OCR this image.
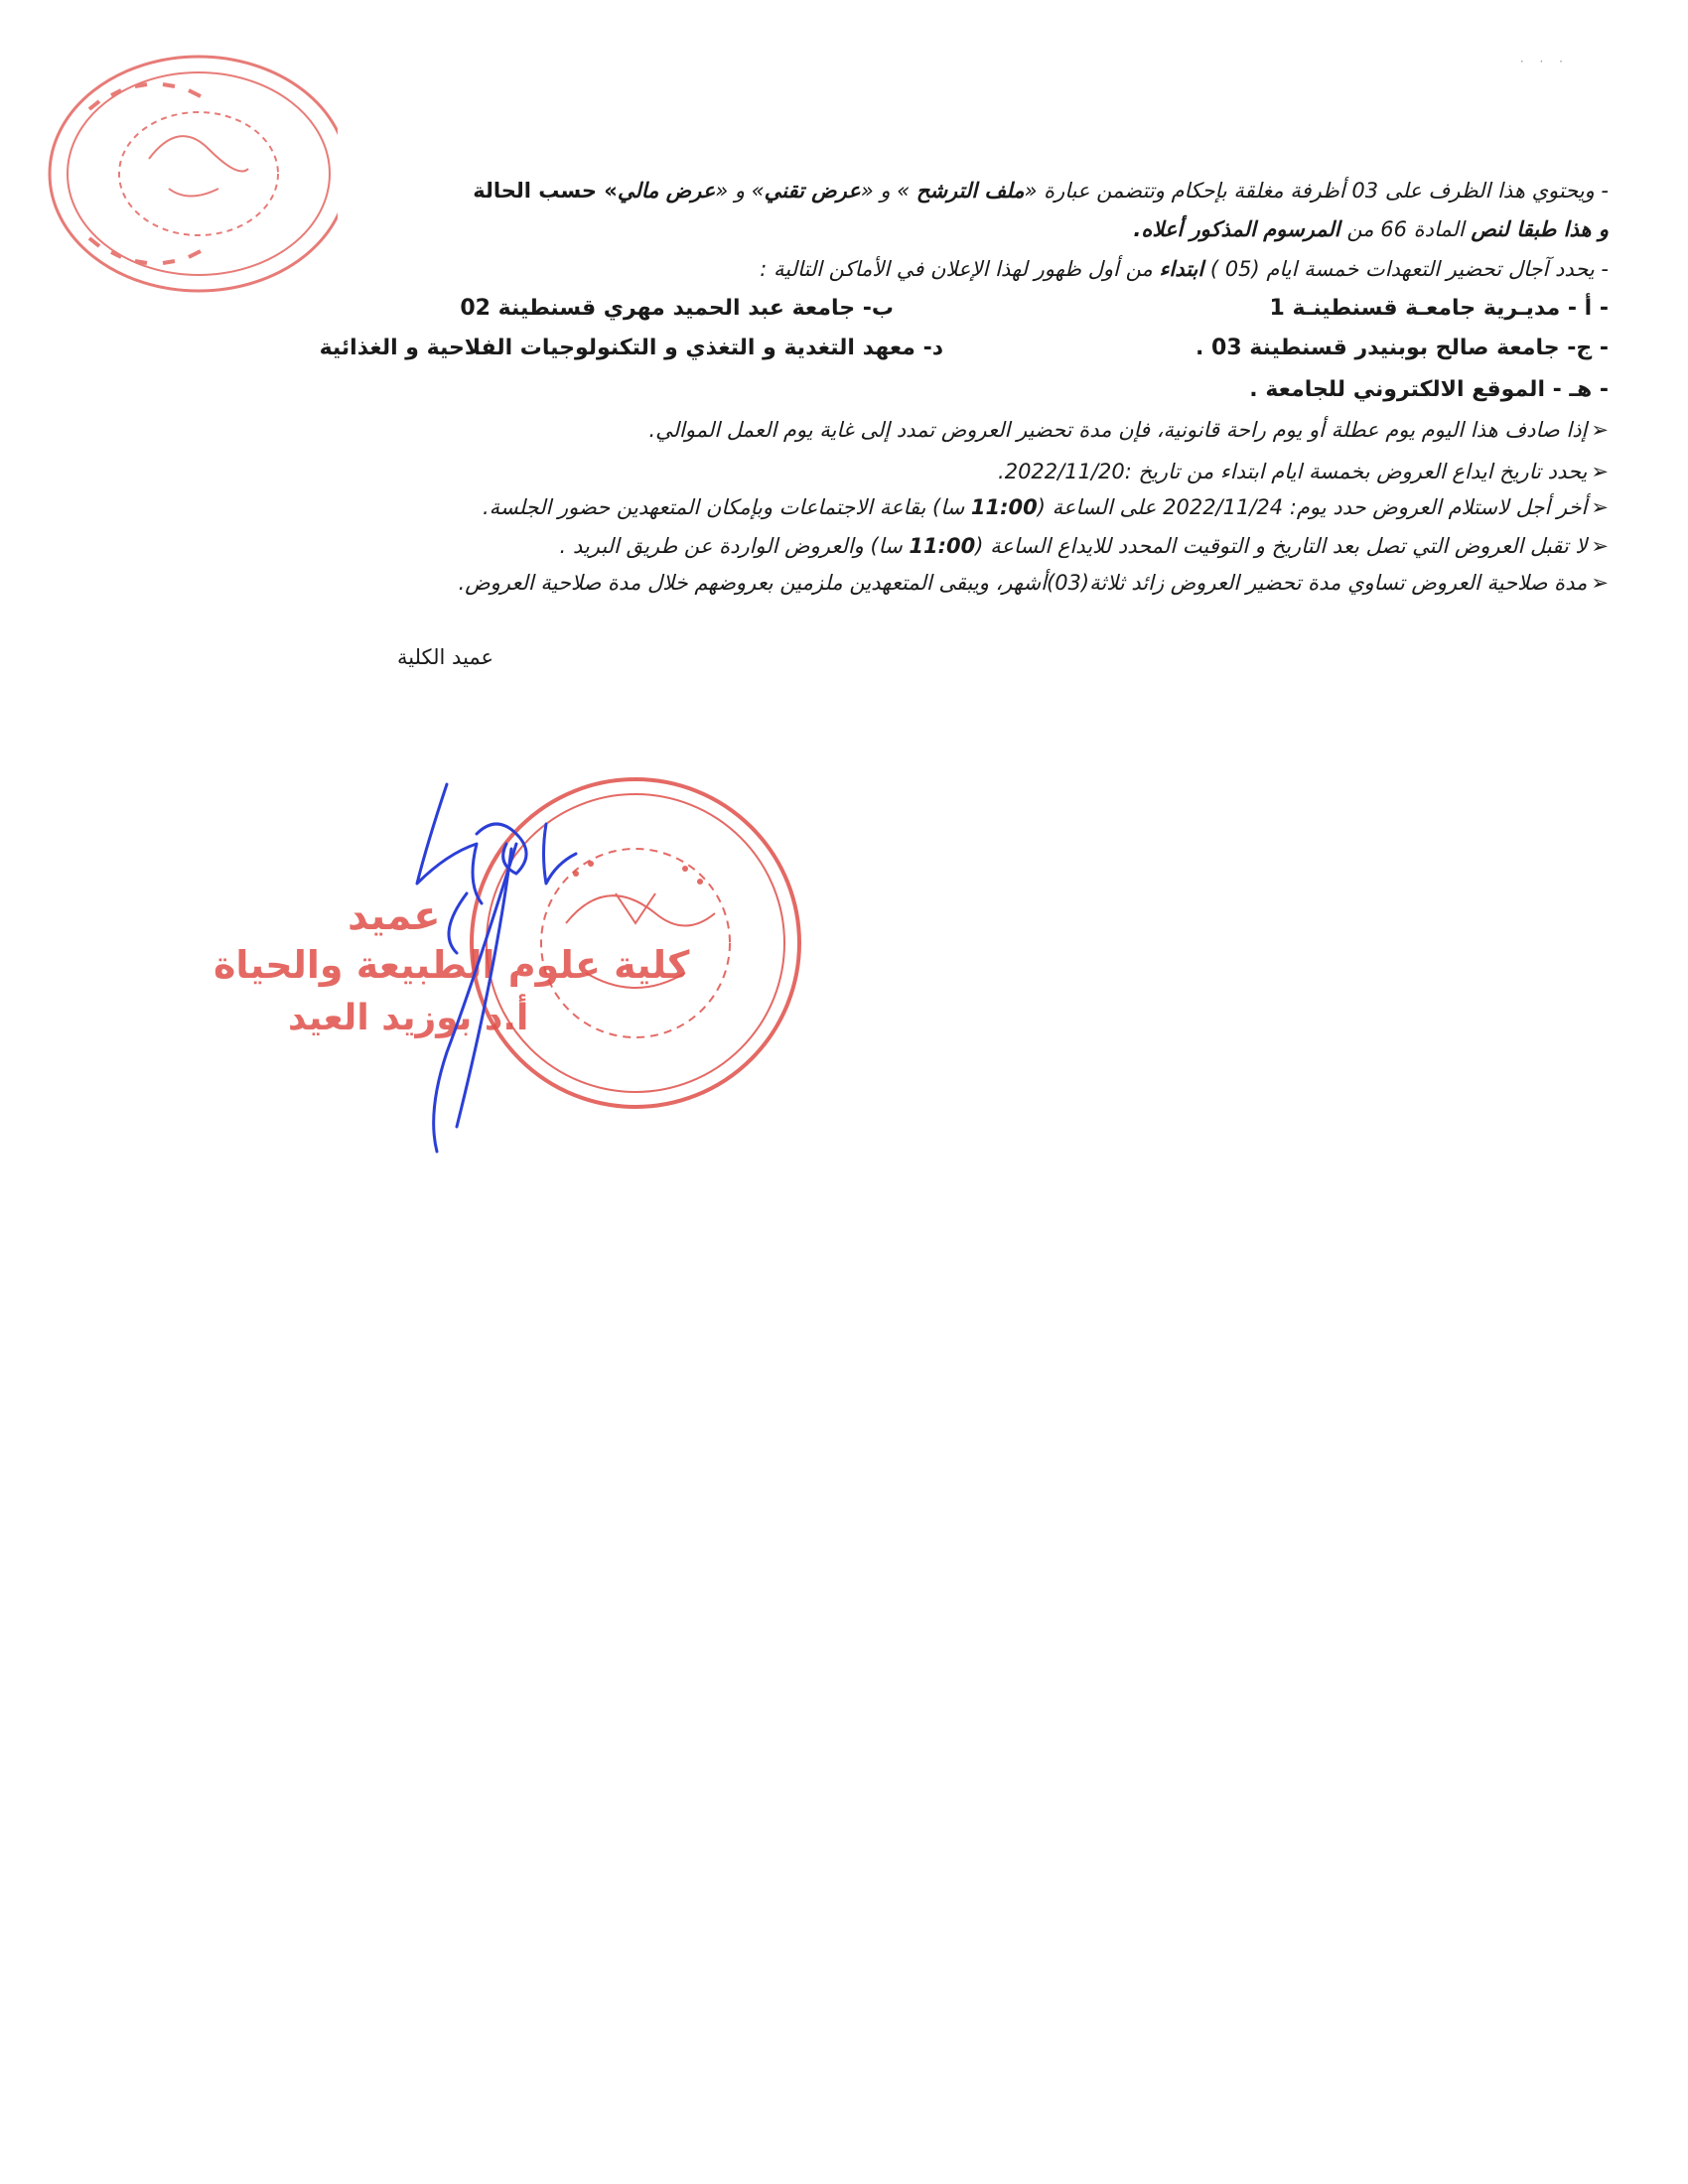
· · ·
- ويحتوي هذا الظرف على 03 أظرفة مغلقة بإحكام وتتضمن عبارة «ملف الترشح » و «عرض تقني» و «عرض مالي» حسب الحالة
و هذا طبقا لنص المادة 66 من المرسوم المذكور أعلاه.
- يحدد آجال تحضير التعهدات خمسة ايام (05 ) ابتداء من أول ظهور لهذا الإعلان في الأماكن التالية :
- أ - مديـرية جامعـة قسنطينـة 1
ب- جامعة عبد الحميد مهري قسنطينة 02
- ج- جامعة صالح بوبنيدر قسنطينة 03 .
د- معهد التغدية و التغذي و التكنولوجيات الفلاحية و الغذائية
- هـ - الموقع الالكتروني للجامعة .
➢إذا صادف هذا اليوم يوم عطلة أو يوم راحة قانونية، فإن مدة تحضير العروض تمدد إلى غاية يوم العمل الموالي.
➢يحدد تاريخ ايداع العروض بخمسة ايام ابتداء من تاريخ :2022/11/20.
➢أخر أجل لاستلام العروض حدد يوم: 2022/11/24 على الساعة (11:00 سا) بقاعة الاجتماعات وبإمكان المتعهدين حضور الجلسة.
➢لا تقبل العروض التي تصل بعد التاريخ و التوقيت المحدد للايداع الساعة (11:00 سا) والعروض الواردة عن طريق البريد .
➢مدة صلاحية العروض تساوي مدة تحضير العروض زائد ثلاثة(03)أشهر، ويبقى المتعهدين ملزمين بعروضهم خلال مدة صلاحية العروض.
عميد الكلية
عميد
كلية علوم الطبيعة والحياة
أ.د بوزيد العيد
